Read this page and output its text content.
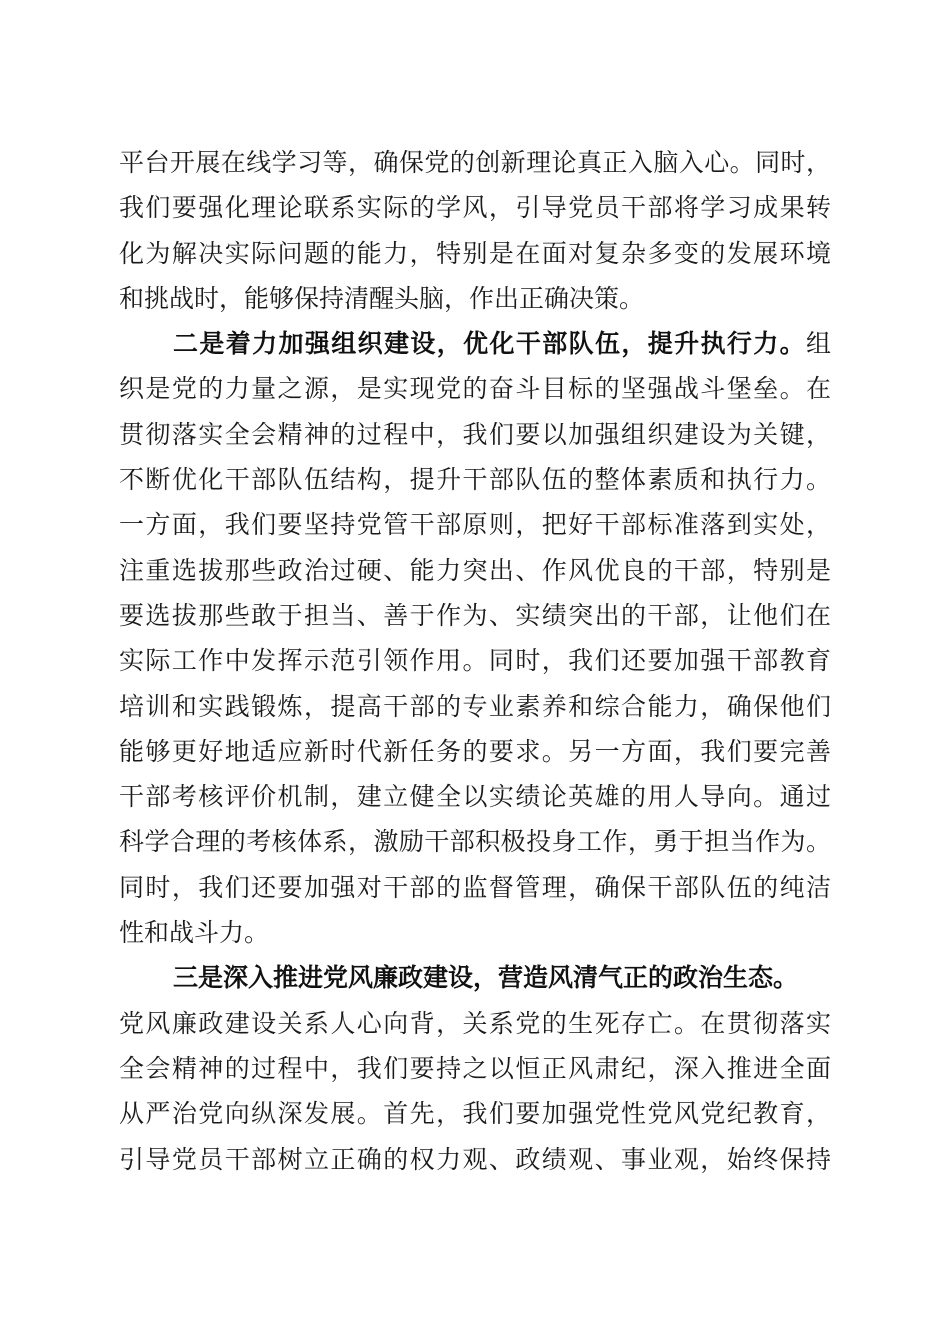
平台开展在线学习等，确保党的创新理论真正入脑入心。同时，
我们要强化理论联系实际的学风，引导党员干部将学习成果转
化为解决实际问题的能力，特别是在面对复杂多变的发展环境
和挑战时，能够保持清醒头脑，作出正确决策。
二是着力加强组织建设，优化干部队伍，提升执行力。组
织是党的力量之源，是实现党的奋斗目标的坚强战斗堡垒。在
贯彻落实全会精神的过程中，我们要以加强组织建设为关键，
不断优化干部队伍结构，提升干部队伍的整体素质和执行力。
一方面，我们要坚持党管干部原则，把好干部标准落到实处，
注重选拔那些政治过硬、能力突出、作风优良的干部，特别是
要选拔那些敢于担当、善于作为、实绩突出的干部，让他们在
实际工作中发挥示范引领作用。同时，我们还要加强干部教育
培训和实践锻炼，提高干部的专业素养和综合能力，确保他们
能够更好地适应新时代新任务的要求。另一方面，我们要完善
干部考核评价机制，建立健全以实绩论英雄的用人导向。通过
科学合理的考核体系，激励干部积极投身工作，勇于担当作为。
同时，我们还要加强对干部的监督管理，确保干部队伍的纯洁
性和战斗力。
三是深入推进党风廉政建设，营造风清气正的政治生态。
党风廉政建设关系人心向背，关系党的生死存亡。在贯彻落实
全会精神的过程中，我们要持之以恒正风肃纪，深入推进全面
从严治党向纵深发展。首先，我们要加强党性党风党纪教育，
引导党员干部树立正确的权力观、政绩观、事业观，始终保持
